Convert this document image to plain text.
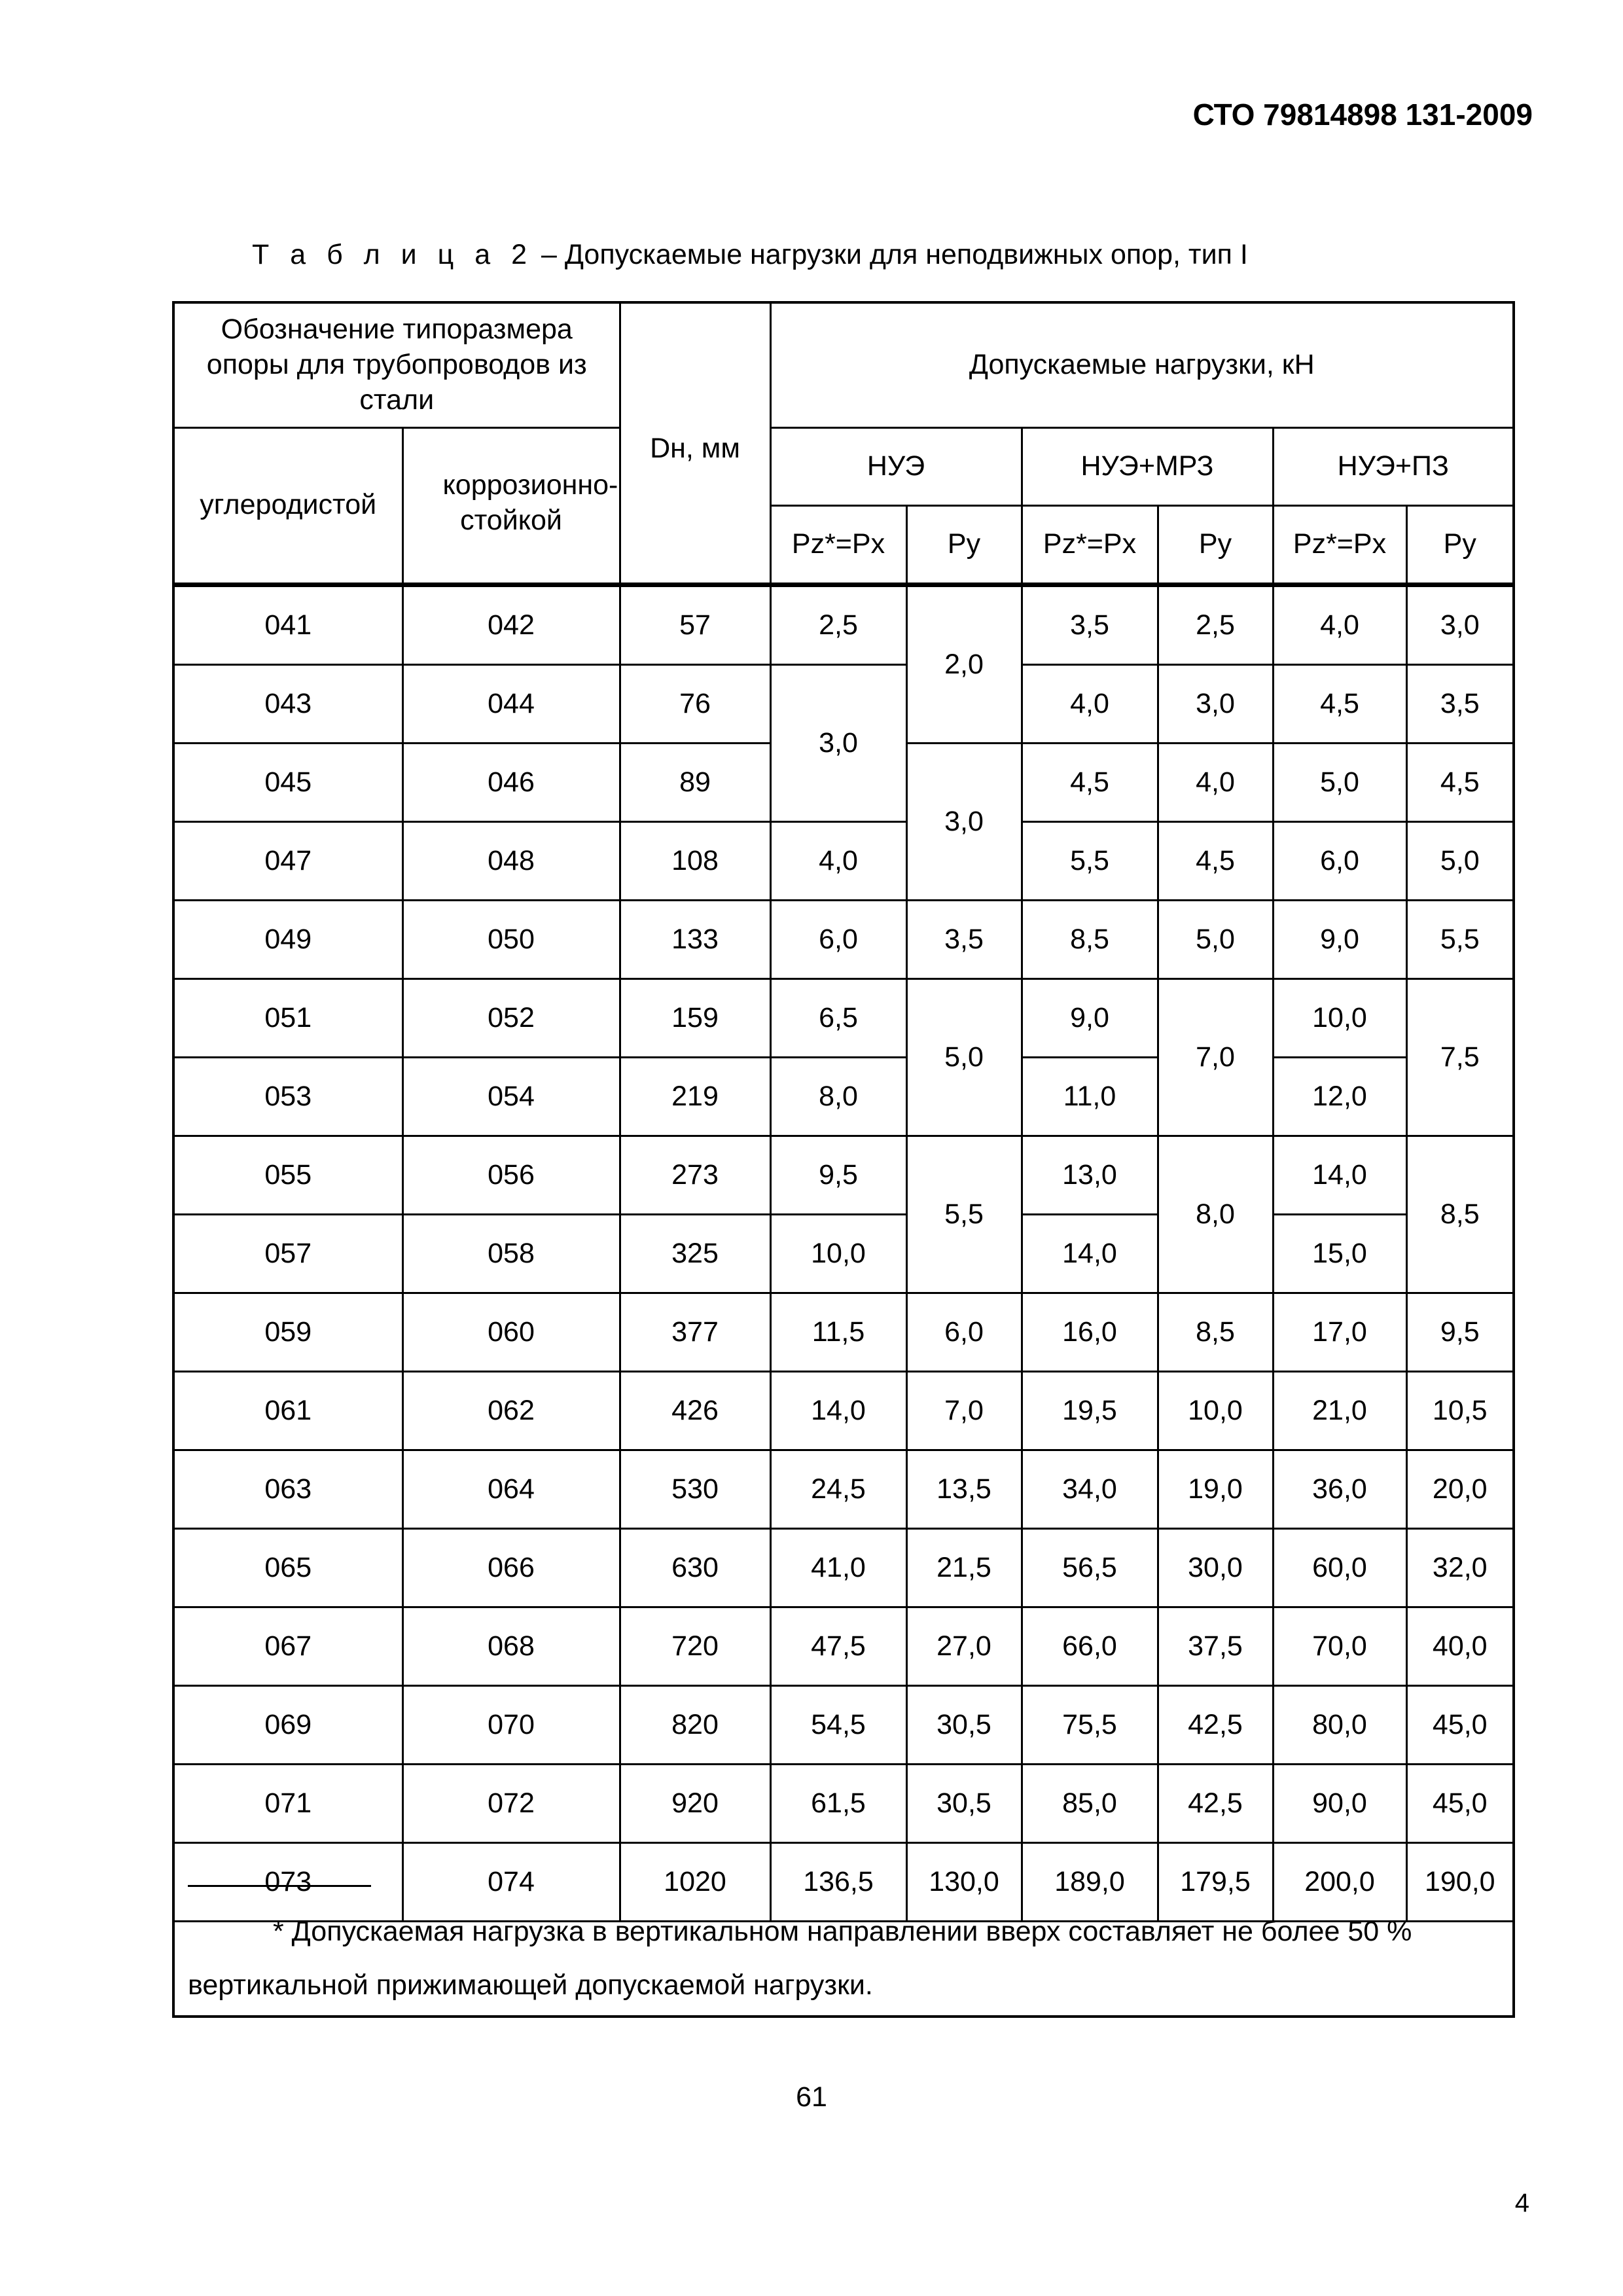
СТО 79814898 131-2009
Т а б л и ц а 2 – Допускаемые нагрузки для неподвижных опор, тип I
Обозначение типоразмера опоры для трубопроводов из стали		Dн, мм	Допускаемые нагрузки, кН					
углеродистой	коррозионно-стойкой		НУЭ		НУЭ+МРЗ		НУЭ+ПЗ	
			Pz*=Px	Py	Pz*=Px	Py	Pz*=Px	Py
041	042	57	2,5	2,0	3,5	2,5	4,0	3,0
043	044	76	3,0		4,0	3,0	4,5	3,5
045	046	89		3,0	4,5	4,0	5,0	4,5
047	048	108	4,0		5,5	4,5	6,0	5,0
049	050	133	6,0	3,5	8,5	5,0	9,0	5,5
051	052	159	6,5	5,0	9,0	7,0	10,0	7,5
053	054	219	8,0		11,0		12,0	
055	056	273	9,5	5,5	13,0	8,0	14,0	8,5
057	058	325	10,0		14,0		15,0	
059	060	377	11,5	6,0	16,0	8,5	17,0	9,5
061	062	426	14,0	7,0	19,5	10,0	21,0	10,5
063	064	530	24,5	13,5	34,0	19,0	36,0	20,0
065	066	630	41,0	21,5	56,5	30,0	60,0	32,0
067	068	720	47,5	27,0	66,0	37,5	70,0	40,0
069	070	820	54,5	30,5	75,5	42,5	80,0	45,0
071	072	920	61,5	30,5	85,0	42,5	90,0	45,0
073	074	1020	136,5	130,0	189,0	179,5	200,0	190,0
* Допускаемая нагрузка в вертикальном направлении вверх составляет не более 50 % вертикальной прижимающей допускаемой нагрузки.
61
4
